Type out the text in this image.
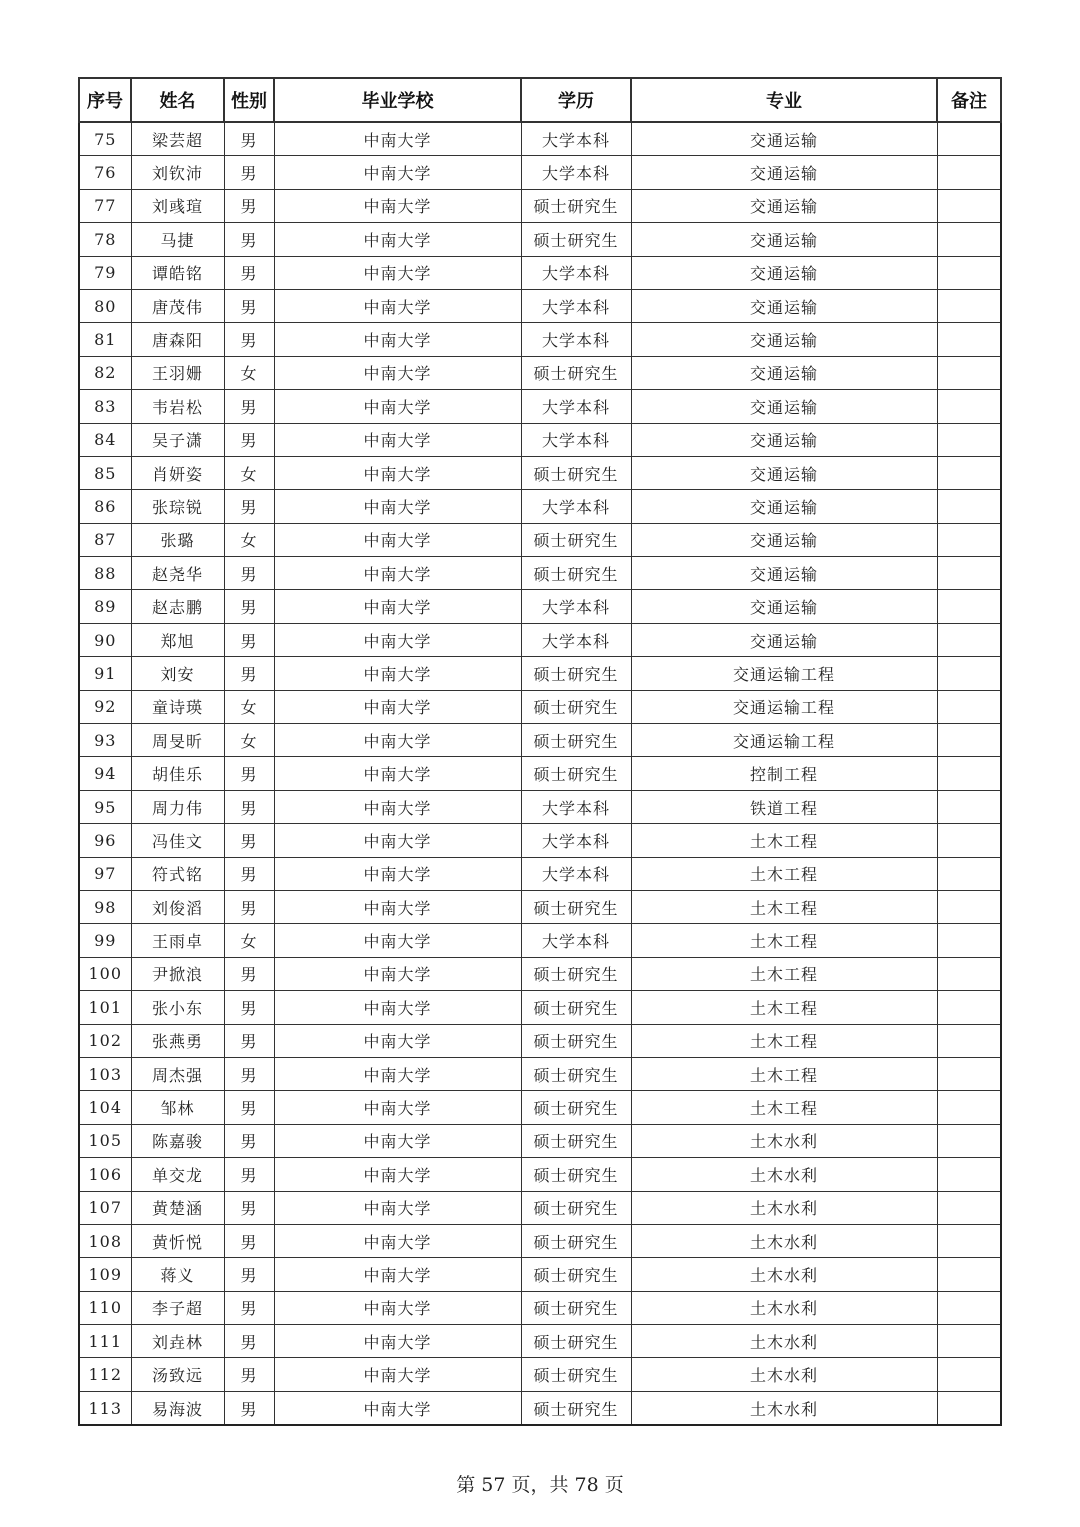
序号	姓名	性别	毕业学校	学历	专业	备注
75	梁芸超	男	中南大学	大学本科	交通运输	
76	刘钦沛	男	中南大学	大学本科	交通运输	
77	刘彧瑄	男	中南大学	硕士研究生	交通运输	
78	马捷	男	中南大学	硕士研究生	交通运输	
79	谭皓铭	男	中南大学	大学本科	交通运输	
80	唐茂伟	男	中南大学	大学本科	交通运输	
81	唐森阳	男	中南大学	大学本科	交通运输	
82	王羽姗	女	中南大学	硕士研究生	交通运输	
83	韦岩松	男	中南大学	大学本科	交通运输	
84	吴子潇	男	中南大学	大学本科	交通运输	
85	肖妍姿	女	中南大学	硕士研究生	交通运输	
86	张琮锐	男	中南大学	大学本科	交通运输	
87	张璐	女	中南大学	硕士研究生	交通运输	
88	赵尧华	男	中南大学	硕士研究生	交通运输	
89	赵志鹏	男	中南大学	大学本科	交通运输	
90	郑旭	男	中南大学	大学本科	交通运输	
91	刘安	男	中南大学	硕士研究生	交通运输工程	
92	童诗瑛	女	中南大学	硕士研究生	交通运输工程	
93	周旻昕	女	中南大学	硕士研究生	交通运输工程	
94	胡佳乐	男	中南大学	硕士研究生	控制工程	
95	周力伟	男	中南大学	大学本科	铁道工程	
96	冯佳文	男	中南大学	大学本科	土木工程	
97	符式铭	男	中南大学	大学本科	土木工程	
98	刘俊滔	男	中南大学	硕士研究生	土木工程	
99	王雨卓	女	中南大学	大学本科	土木工程	
100	尹掀浪	男	中南大学	硕士研究生	土木工程	
101	张小东	男	中南大学	硕士研究生	土木工程	
102	张燕勇	男	中南大学	硕士研究生	土木工程	
103	周杰强	男	中南大学	硕士研究生	土木工程	
104	邹林	男	中南大学	硕士研究生	土木工程	
105	陈嘉骏	男	中南大学	硕士研究生	土木水利	
106	单交龙	男	中南大学	硕士研究生	土木水利	
107	黄楚涵	男	中南大学	硕士研究生	土木水利	
108	黄忻悦	男	中南大学	硕士研究生	土木水利	
109	蒋义	男	中南大学	硕士研究生	土木水利	
110	李子超	男	中南大学	硕士研究生	土木水利	
111	刘垚林	男	中南大学	硕士研究生	土木水利	
112	汤致远	男	中南大学	硕士研究生	土木水利	
113	易海波	男	中南大学	硕士研究生	土木水利	
第 57 页，共 78 页
